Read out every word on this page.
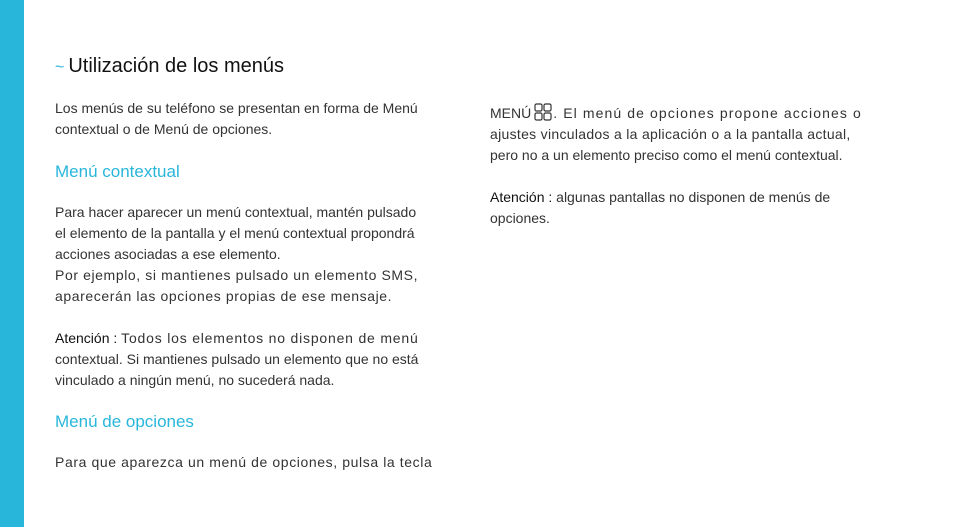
~ Utilización de los menús

Los menús de su teléfono se presentan en forma de Menú
contextual o de Menú de opciones.

Menú contextual

Para hacer aparecer un menú contextual, mantén pulsado
el elemento de la pantalla y el menú contextual propondrá
acciones asociadas a ese elemento.

Por ejemplo, si mantienes pulsado un elemento SMS,
aparecerán las opciones propias de ese mensaje.

Atención : Todos los elementos no disponen de menú
contextual. Si mantienes pulsado un elemento que no está
vinculado a ningún menú, no sucederá nada.

Menú de opciones

Para que aparezca un menú de opciones, pulsa la tecla

MENÚ . El menú de opciones propone acciones o
ajustes vinculados a la aplicación o a la pantalla actual,
pero no a un elemento preciso como el menú contextual.

Atención : algunas pantallas no disponen de menús de
opciones.
